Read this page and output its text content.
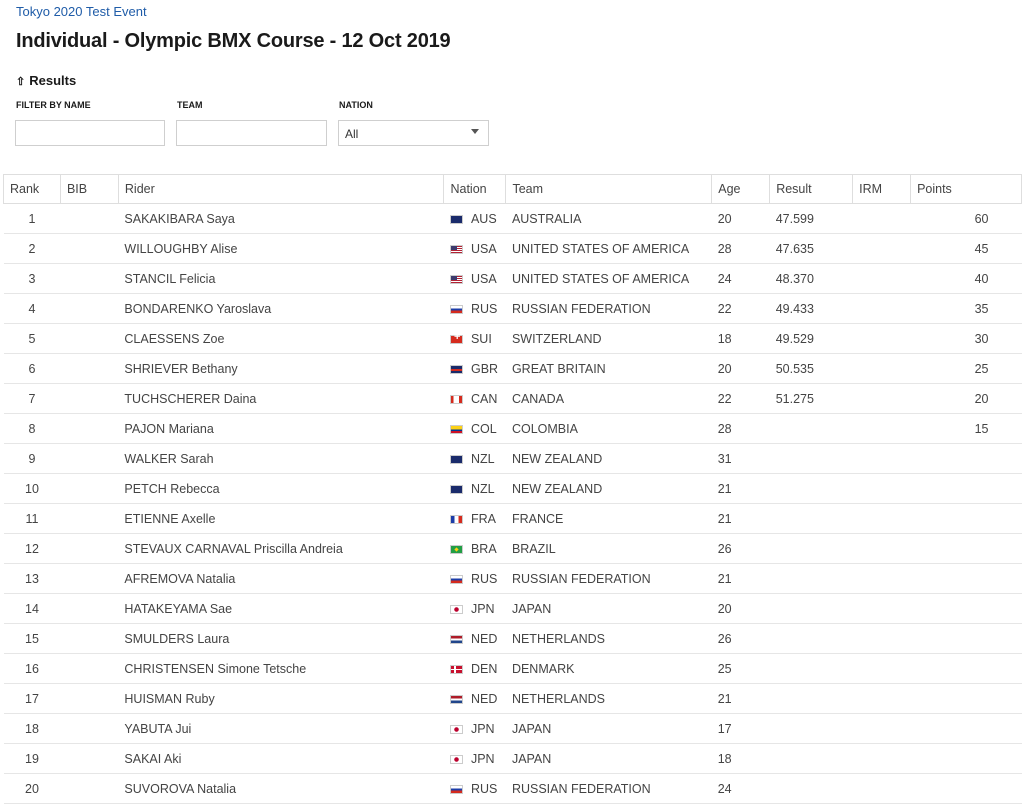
Tokyo 2020 Test Event
Individual - Olympic BMX Course - 12 Oct 2019
⇧ Results
FILTER BY NAME	TEAM	NATION
All
Rank	BIB	Rider	Nation	Team	Age	Result	IRM	Points
1		SAKAKIBARA Saya	AUS	AUSTRALIA	20	47.599		60
2		WILLOUGHBY Alise	USA	UNITED STATES OF AMERICA	28	47.635		45
3		STANCIL Felicia	USA	UNITED STATES OF AMERICA	24	48.370		40
4		BONDARENKO Yaroslava	RUS	RUSSIAN FEDERATION	22	49.433		35
5		CLAESSENS Zoe	+SUI	SWITZERLAND	18	49.529		30
6		SHRIEVER Bethany	GBR	GREAT BRITAIN	20	50.535		25
7		TUCHSCHERER Daina	CAN	CANADA	22	51.275		20
8		PAJON Mariana	COL	COLOMBIA	28			15
9		WALKER Sarah	NZL	NEW ZEALAND	31			
10		PETCH Rebecca	NZL	NEW ZEALAND	21			
11		ETIENNE Axelle	FRA	FRANCE	21			
12		STEVAUX CARNAVAL Priscilla Andreia	BRA	BRAZIL	26			
13		AFREMOVA Natalia	RUS	RUSSIAN FEDERATION	21			
14		HATAKEYAMA Sae	JPN	JAPAN	20			
15		SMULDERS Laura	NED	NETHERLANDS	26			
16		CHRISTENSEN Simone Tetsche	DEN	DENMARK	25			
17		HUISMAN Ruby	NED	NETHERLANDS	21			
18		YABUTA Jui	JPN	JAPAN	17			
19		SAKAI Aki	JPN	JAPAN	18			
20		SUVOROVA Natalia	RUS	RUSSIAN FEDERATION	24			
